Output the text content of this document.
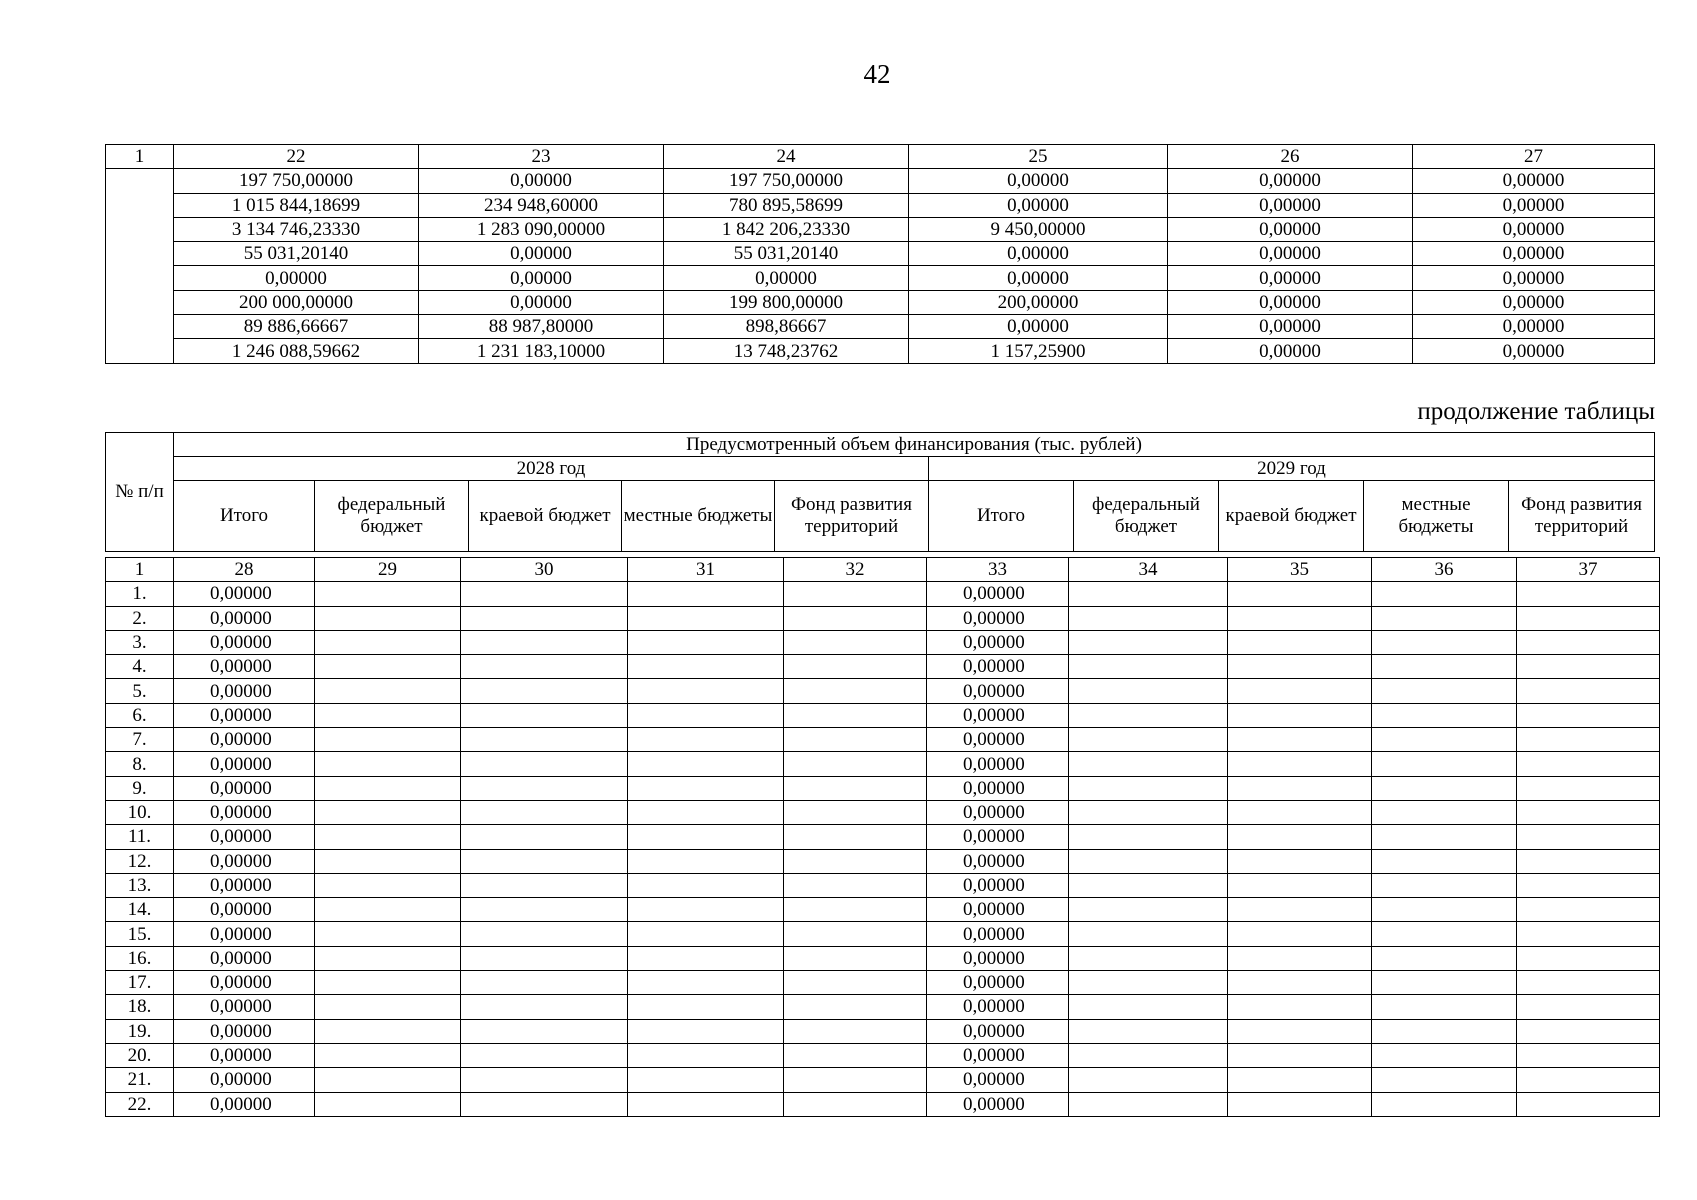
42
1	22	23	24	25	26	27
	197 750,00000	0,00000	197 750,00000	0,00000	0,00000	0,00000
	1 015 844,18699	234 948,60000	780 895,58699	0,00000	0,00000	0,00000
	3 134 746,23330	1 283 090,00000	1 842 206,23330	9 450,00000	0,00000	0,00000
	55 031,20140	0,00000	55 031,20140	0,00000	0,00000	0,00000
	0,00000	0,00000	0,00000	0,00000	0,00000	0,00000
	200 000,00000	0,00000	199 800,00000	200,00000	0,00000	0,00000
	89 886,66667	88 987,80000	898,86667	0,00000	0,00000	0,00000
	1 246 088,59662	1 231 183,10000	13 748,23762	1 157,25900	0,00000	0,00000
продолжение таблицы
№ п/п	Предусмотренный объем финансирования (тыс. рублей)									
	2028 год					2029 год				
	Итого	федеральный бюджет	краевой бюджет	местные бюджеты	Фонд развития территорий	Итого	федеральный бюджет	краевой бюджет	местные бюджеты	Фонд развития территорий
1	28	29	30	31	32	33	34	35	36	37
1.	0,00000					0,00000				
2.	0,00000					0,00000				
3.	0,00000					0,00000				
4.	0,00000					0,00000				
5.	0,00000					0,00000				
6.	0,00000					0,00000				
7.	0,00000					0,00000				
8.	0,00000					0,00000				
9.	0,00000					0,00000				
10.	0,00000					0,00000				
11.	0,00000					0,00000				
12.	0,00000					0,00000				
13.	0,00000					0,00000				
14.	0,00000					0,00000				
15.	0,00000					0,00000				
16.	0,00000					0,00000				
17.	0,00000					0,00000				
18.	0,00000					0,00000				
19.	0,00000					0,00000				
20.	0,00000					0,00000				
21.	0,00000					0,00000				
22.	0,00000					0,00000				
